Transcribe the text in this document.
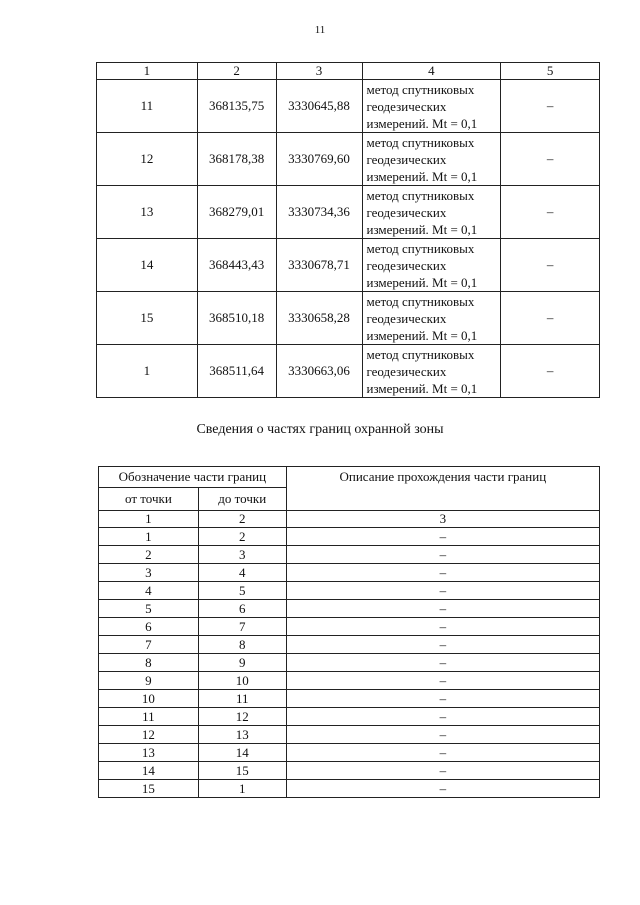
11
1	2	3	4	5
11	368135,75	3330645,88	метод спутниковых
геодезических
измерений. Mt = 0,1	–
12	368178,38	3330769,60	метод спутниковых
геодезических
измерений. Mt = 0,1	–
13	368279,01	3330734,36	метод спутниковых
геодезических
измерений. Mt = 0,1	–
14	368443,43	3330678,71	метод спутниковых
геодезических
измерений. Mt = 0,1	–
15	368510,18	3330658,28	метод спутниковых
геодезических
измерений. Mt = 0,1	–
1	368511,64	3330663,06	метод спутниковых
геодезических
измерений. Mt = 0,1	–
Сведения о частях границ охранной зоны
Обозначение части границ		Описание прохождения части границ
от точки	до точки	
1	2	3
1	2	–
2	3	–
3	4	–
4	5	–
5	6	–
6	7	–
7	8	–
8	9	–
9	10	–
10	11	–
11	12	–
12	13	–
13	14	–
14	15	–
15	1	–
